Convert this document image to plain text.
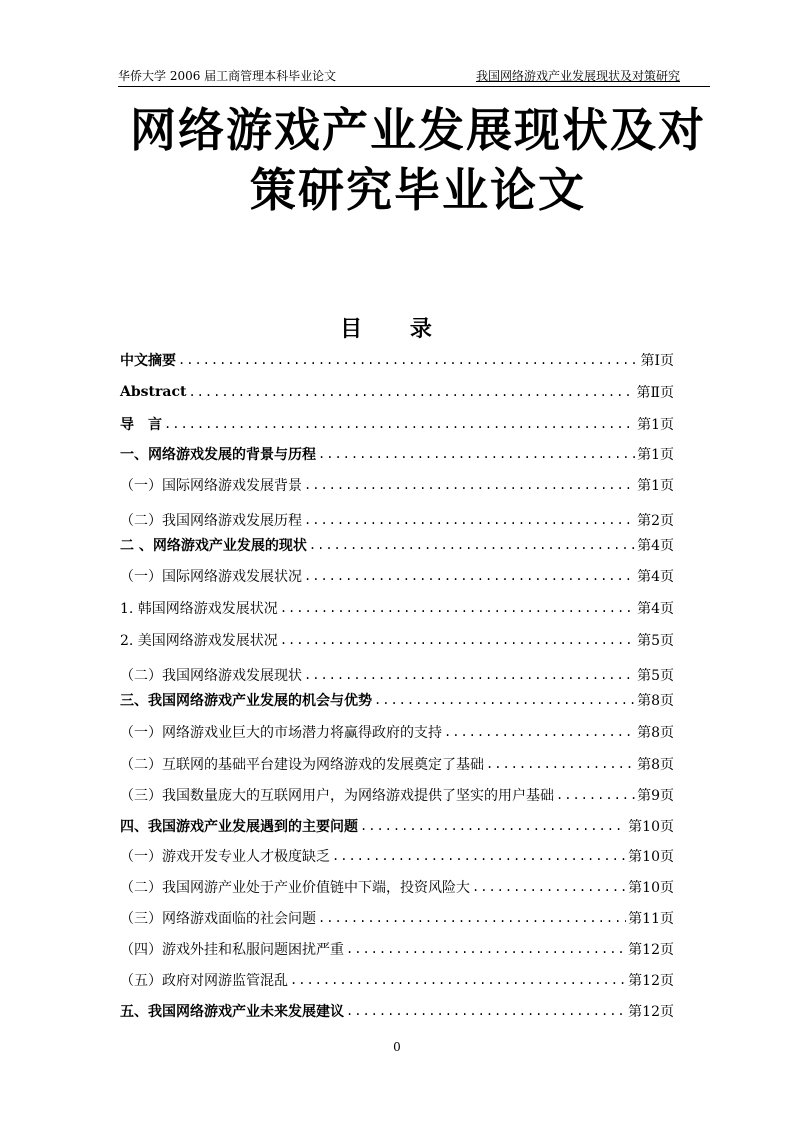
华侨大学 2006 届工商管理本科毕业论文	我国网络游戏产业发展现状及对策研究
网络游戏产业发展现状及对
策研究毕业论文
目 录
中文摘要 .....	第Ⅰ页
Abstract .....	第Ⅱ页
导　言 .....	第1页
一、网络游戏发展的背景与历程 .....	第1页
（一）国际网络游戏发展背景 .....	第1页
（二）我国网络游戏发展历程 .....	第2页
二 、网络游戏产业发展的现状 .....	第4页
（一）国际网络游戏发展状况 .....	第4页
1. 韩国网络游戏发展状况 .....	第4页
2. 美国网络游戏发展状况 .....	第5页
（二）我国网络游戏发展现状 .....	第5页
三、我国网络游戏产业发展的机会与优势 .....	第8页
（一）网络游戏业巨大的市场潜力将赢得政府的支持 .....	第8页
（二）互联网的基础平台建设为网络游戏的发展奠定了基础 .....	第8页
（三）我国数量庞大的互联网用户，为网络游戏提供了坚实的用户基础 .....	第9页
四、我国游戏产业发展遇到的主要问题 .....	第10页
（一）游戏开发专业人才极度缺乏 .....	第10页
（二）我国网游产业处于产业价值链中下端，投资风险大 .....	第10页
（三）网络游戏面临的社会问题 .....	第11页
（四）游戏外挂和私服问题困扰严重 .....	第12页
（五）政府对网游监管混乱 .....	第12页
五、我国网络游戏产业未来发展建议 .....	第12页
0
